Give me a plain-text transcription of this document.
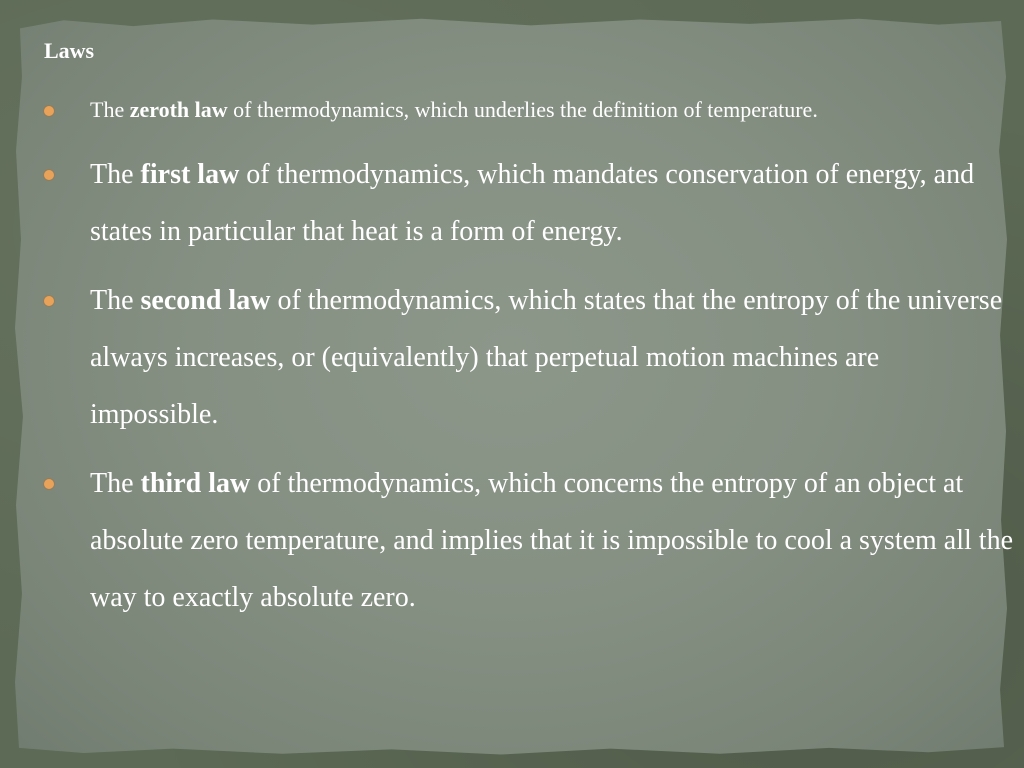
Laws
The zeroth law of thermodynamics, which underlies the definition of temperature.
The first law of thermodynamics, which mandates conservation of energy, and states in particular that heat is a form of energy.
The second law of thermodynamics, which states that the entropy of the universe always increases, or (equivalently) that perpetual motion machines are impossible.
The third law of thermodynamics, which concerns the entropy of an object at absolute zero temperature, and implies that it is impossible to cool a system all the way to exactly absolute zero.
